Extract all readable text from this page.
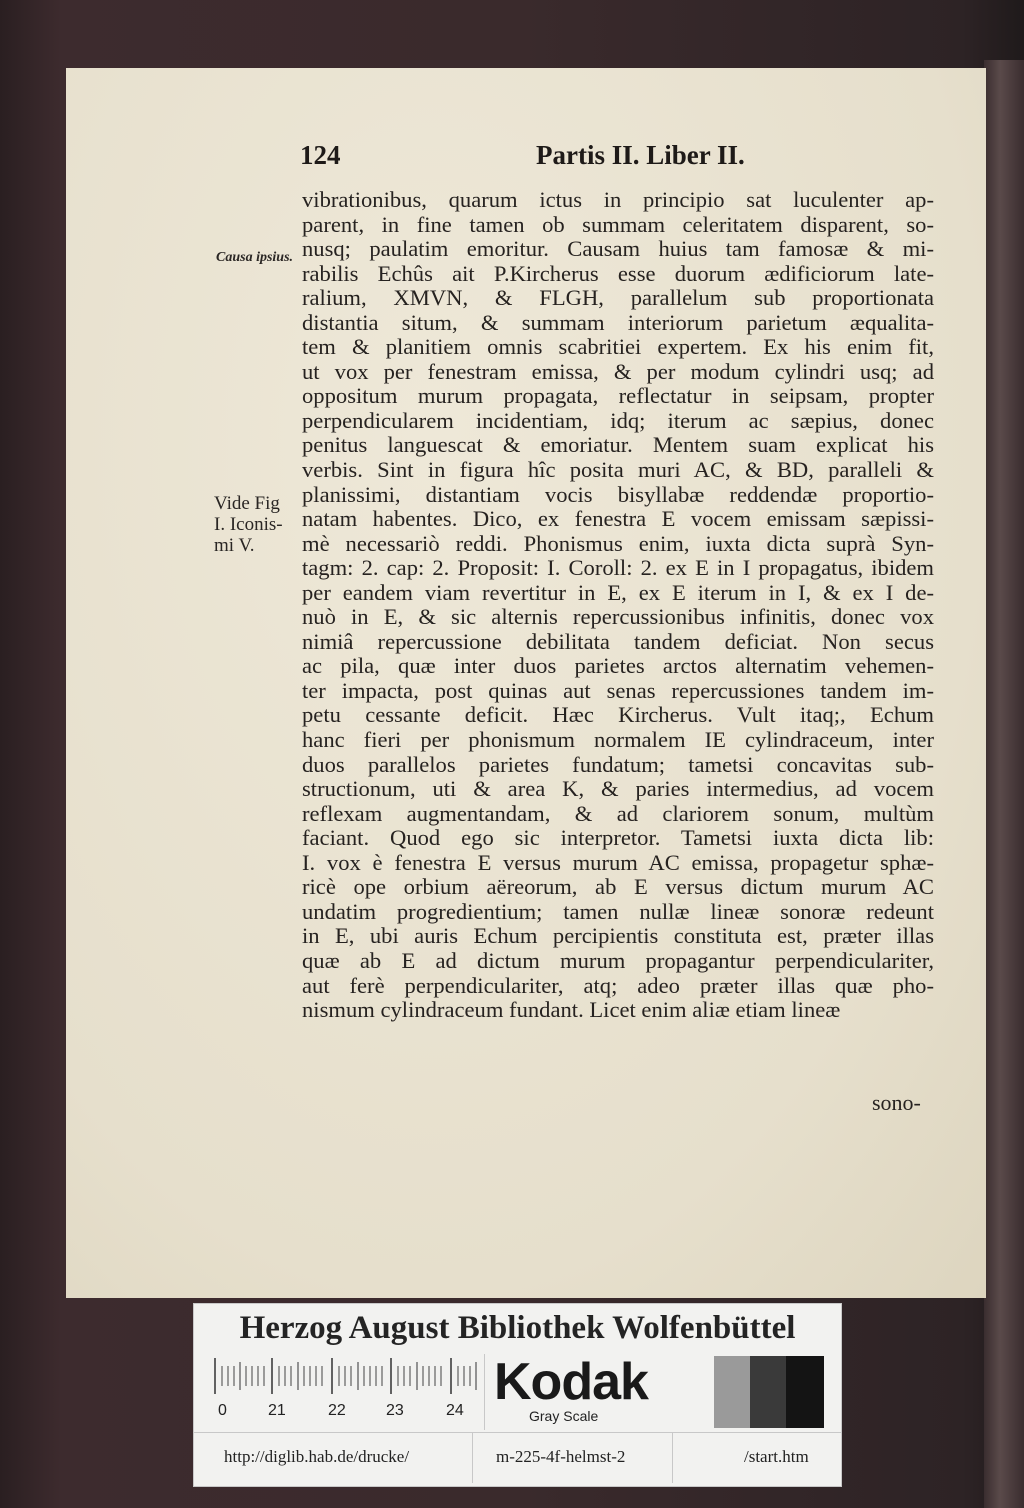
124	Partis II. Liber II.
Causa ipsius.
Vide Fig
I. Iconis-
mi V.
vibrationibus, quarum ictus in principio sat luculenter ap-
parent, in fine tamen ob summam celeritatem disparent, so-
nusq; paulatim emoritur. Causam huius tam famosæ & mi-
rabilis Echûs ait P.Kircherus esse duorum ædificiorum late-
ralium, XMVN, & FLGH, parallelum sub proportionata
distantia situm, & summam interiorum parietum æqualita-
tem & planitiem omnis scabritiei expertem. Ex his enim fit,
ut vox per fenestram emissa, & per modum cylindri usq; ad
oppositum murum propagata, reflectatur in seipsam, propter
perpendicularem incidentiam, idq; iterum ac sæpius, donec
penitus languescat & emoriatur. Mentem suam explicat his
verbis. Sint in figura hîc posita muri AC, & BD, paralleli &
planissimi, distantiam vocis bisyllabæ reddendæ proportio-
natam habentes. Dico, ex fenestra E vocem emissam sæpissi-
mè necessariò reddi. Phonismus enim, iuxta dicta suprà Syn-
tagm: 2. cap: 2. Proposit: I. Coroll: 2. ex E in I propagatus, ibidem
per eandem viam revertitur in E, ex E iterum in I, & ex I de-
nuò in E, & sic alternis repercussionibus infinitis, donec vox
nimiâ repercussione debilitata tandem deficiat. Non secus
ac pila, quæ inter duos parietes arctos alternatim vehemen-
ter impacta, post quinas aut senas repercussiones tandem im-
petu cessante deficit. Hæc Kircherus. Vult itaq;, Echum
hanc fieri per phonismum normalem IE cylindraceum, inter
duos parallelos parietes fundatum; tametsi concavitas sub-
structionum, uti & area K, & paries intermedius, ad vocem
reflexam augmentandam, & ad clariorem sonum, multùm
faciant. Quod ego sic interpretor. Tametsi iuxta dicta lib:
I. vox è fenestra E versus murum AC emissa, propagetur sphæ-
ricè ope orbium aëreorum, ab E versus dictum murum AC
undatim progredientium; tamen nullæ lineæ sonoræ redeunt
in E, ubi auris Echum percipientis constituta est, præter illas
quæ ab E ad dictum murum propagantur perpendiculariter,
aut ferè perpendiculariter, atq; adeo præter illas quæ pho-
nismum cylindraceum fundant. Licet enim aliæ etiam lineæ
sono-
Herzog August Bibliothek Wolfenbüttel
0	21	22	23	24 Kodak
Gray Scale
http://diglib.hab.de/drucke/	m-225-4f-helmst-2	/start.htm
